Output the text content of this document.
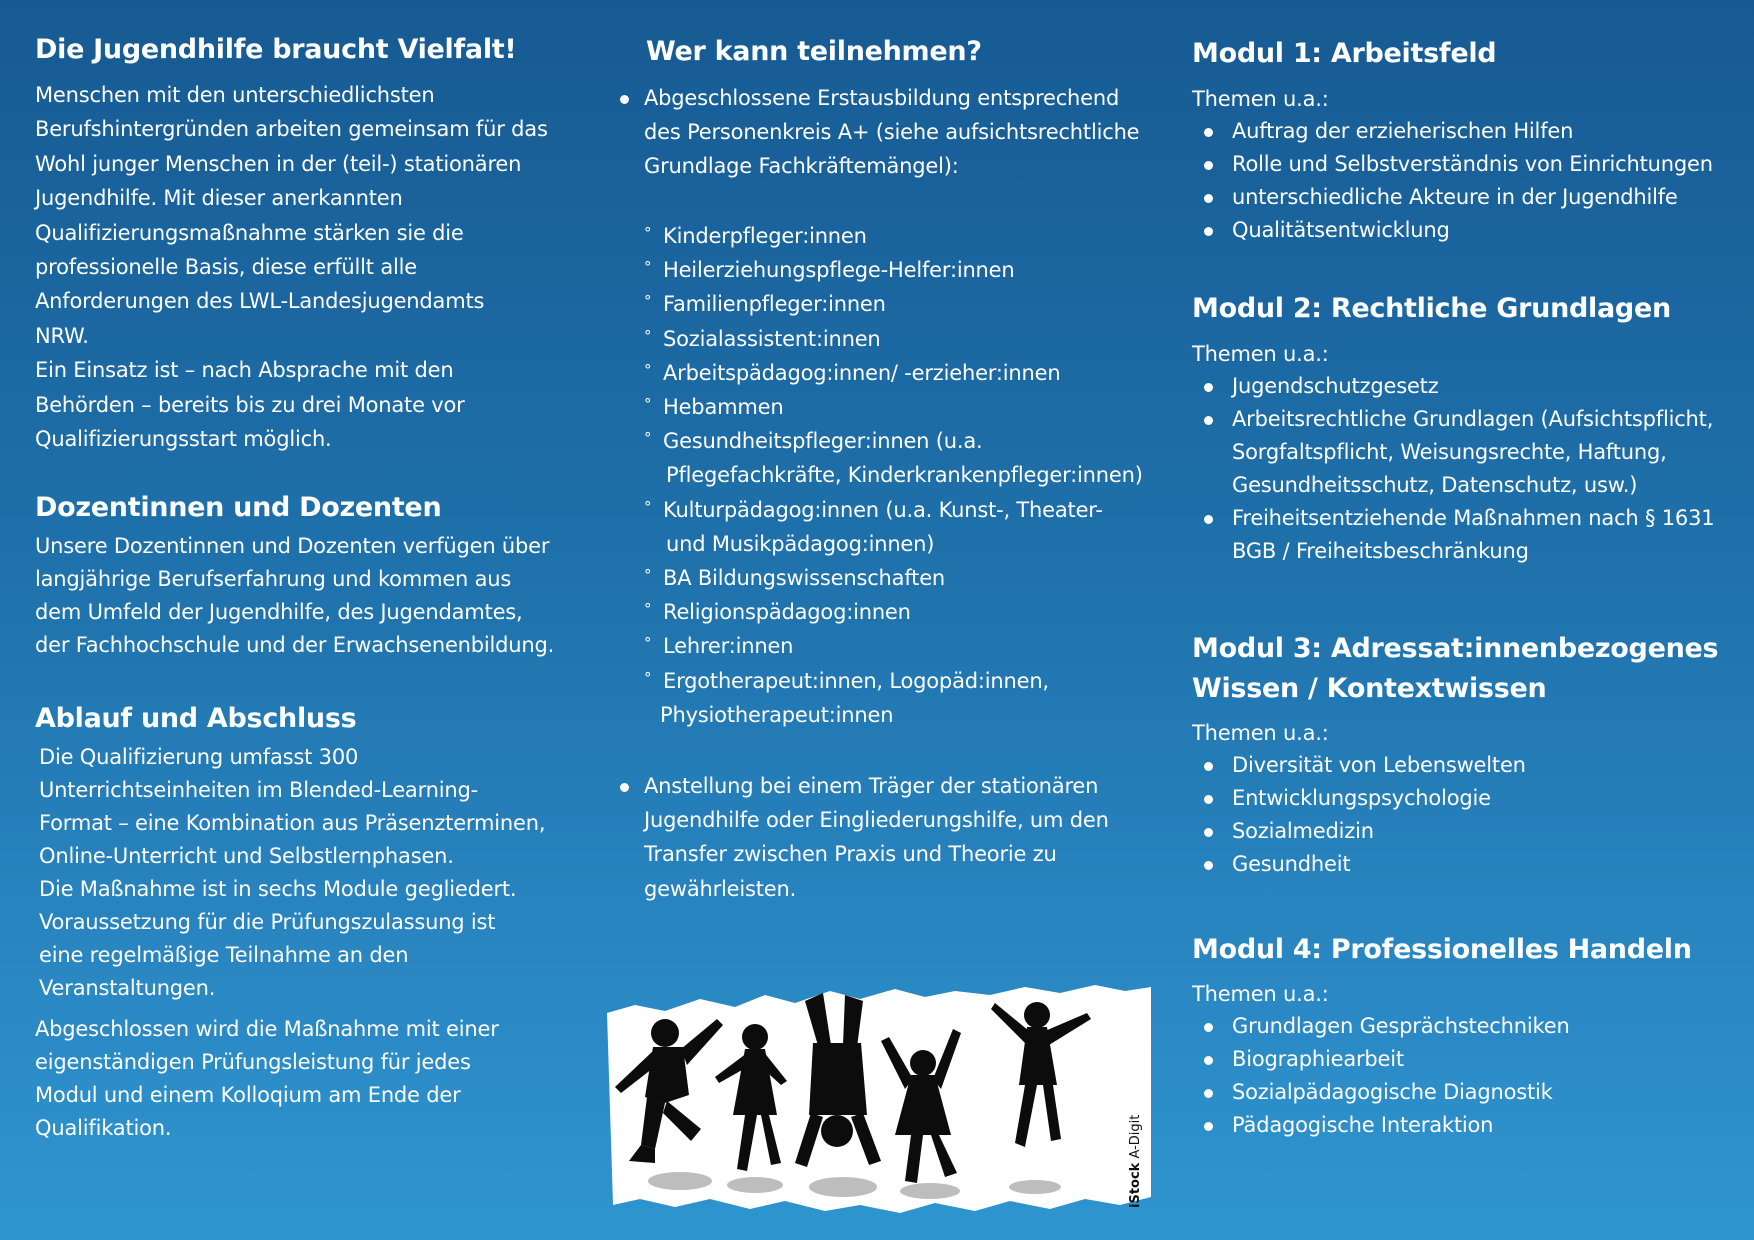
Die Jugendhilfe braucht Vielfalt!

Menschen mit den unterschiedlichsten

Berufshintergründen arbeiten gemeinsam für das

Wohl junger Menschen in der (teil-) stationären

Jugendhilfe. Mit dieser anerkannten

Qualifizierungsmaßnahme stärken sie die

professionelle Basis, diese erfüllt alle

Anforderungen des LWL-Landesjugendamts

NRW.

Ein Einsatz ist – nach Absprache mit den

Behörden – bereits bis zu drei Monate vor

Qualifizierungsstart möglich.

Dozentinnen und Dozenten

Unsere Dozentinnen und Dozenten verfügen über

langjährige Berufserfahrung und kommen aus

dem Umfeld der Jugendhilfe, des Jugendamtes,

der Fachhochschule und der Erwachsenenbildung.

Ablauf und Abschluss

Die Qualifizierung umfasst 300

Unterrichtseinheiten im Blended-Learning-

Format – eine Kombination aus Präsenzterminen,

Online-Unterricht und Selbstlernphasen.

Die Maßnahme ist in sechs Module gegliedert.

Voraussetzung für die Prüfungszulassung ist

eine regelmäßige Teilnahme an den

Veranstaltungen.

Abgeschlossen wird die Maßnahme mit einer

eigenständigen Prüfungsleistung für jedes

Modul und einem Kolloqium am Ende der

Qualifikation.

Wer kann teilnehmen?
Abgeschlossene Erstausbildung entsprechend
des Personenkreis A+ (siehe aufsichtsrechtliche
Grundlage Fachkräftemängel):
° Kinderpfleger:innen
° Heilerziehungspflege-Helfer:innen
° Familienpfleger:innen
° Sozialassistent:innen
° Arbeitspädagog:innen/ -erzieher:innen
° Hebammen
° Gesundheitspfleger:innen (u.a.
Pflegefachkräfte, Kinderkrankenpfleger:innen)
° Kulturpädagog:innen (u.a. Kunst-, Theater-
und Musikpädagog:innen)
° BA Bildungswissenschaften
° Religionspädagog:innen
° Lehrer:innen
° Ergotherapeut:innen, Logopäd:innen,
Physiotherapeut:innen
Anstellung bei einem Träger der stationären
Jugendhilfe oder Eingliederungshilfe, um den
Transfer zwischen Praxis und Theorie zu
gewährleisten.
iStock A-Digit
Modul 1: Arbeitsfeld
Themen u.a.:
Auftrag der erzieherischen Hilfen
Rolle und Selbstverständnis von Einrichtungen
unterschiedliche Akteure in der Jugendhilfe
Qualitätsentwicklung
Modul 2: Rechtliche Grundlagen
Themen u.a.:
Jugendschutzgesetz
Arbeitsrechtliche Grundlagen (Aufsichtspflicht,
Sorgfaltspflicht, Weisungsrechte, Haftung,
Gesundheitsschutz, Datenschutz, usw.)
Freiheitsentziehende Maßnahmen nach § 1631
BGB / Freiheitsbeschränkung
Modul 3: Adressat:innenbezogenes
Wissen / Kontextwissen
Themen u.a.:
Diversität von Lebenswelten
Entwicklungspsychologie
Sozialmedizin
Gesundheit
Modul 4: Professionelles Handeln
Themen u.a.:
Grundlagen Gesprächstechniken
Biographiearbeit
Sozialpädagogische Diagnostik
Pädagogische Interaktion
